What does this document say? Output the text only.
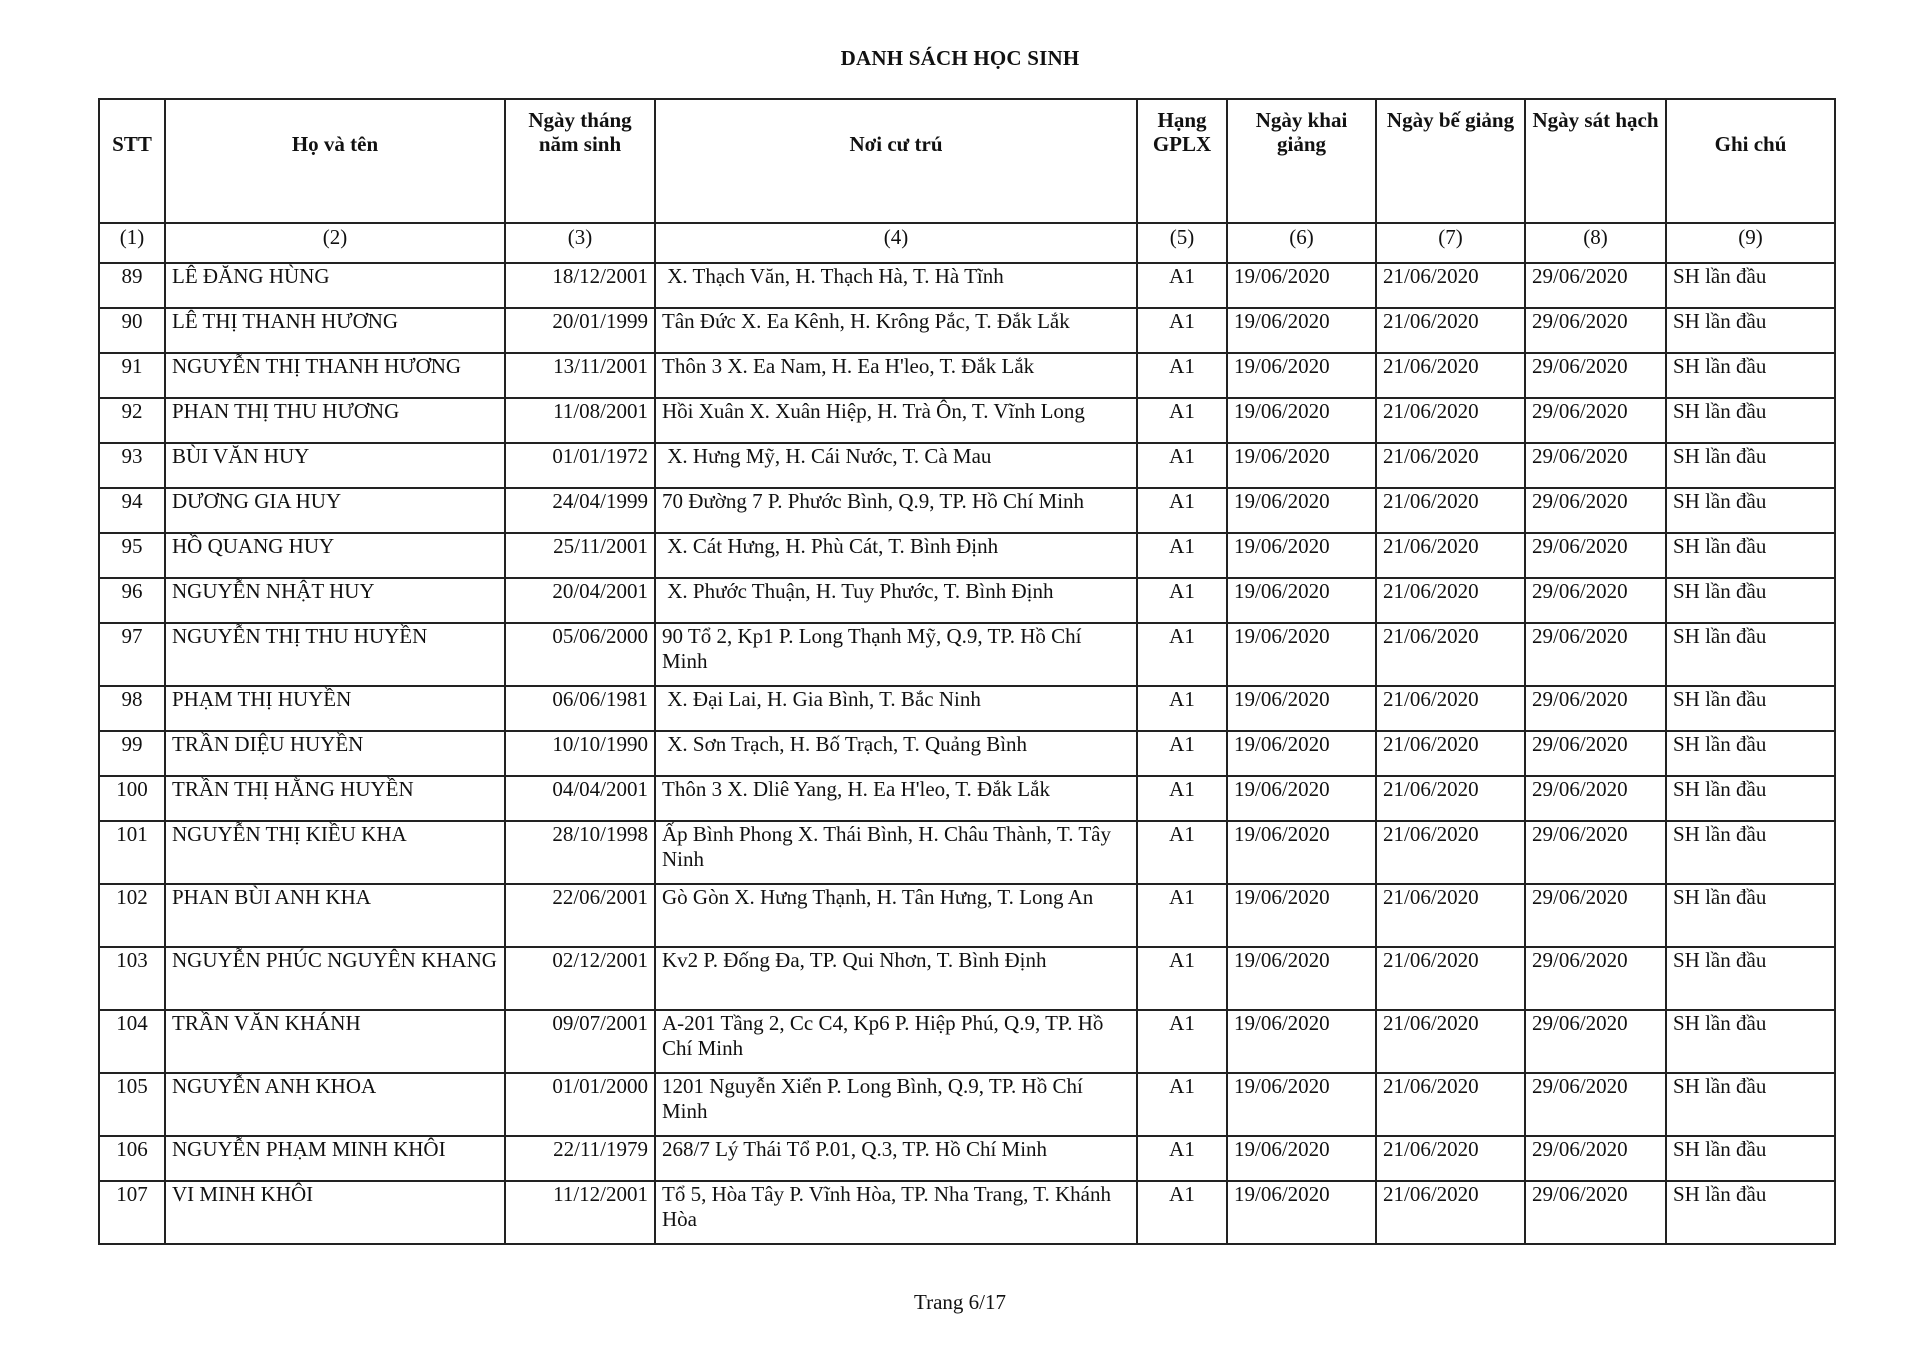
DANH SÁCH HỌC SINH
STT	Họ và tên	Ngày tháng năm sinh	Nơi cư trú	Hạng GPLX	Ngày khai giảng	Ngày bế giảng	Ngày sát hạch	Ghi chú
(1)	(2)	(3)	(4)	(5)	(6)	(7)	(8)	(9)
89	LÊ ĐĂNG HÙNG	18/12/2001	X. Thạch Văn, H. Thạch Hà, T. Hà Tĩnh	A1	19/06/2020	21/06/2020	29/06/2020	SH lần đầu
90	LÊ THỊ THANH HƯƠNG	20/01/1999	Tân Đức X. Ea Kênh, H. Krông Pắc, T. Đắk Lắk	A1	19/06/2020	21/06/2020	29/06/2020	SH lần đầu
91	NGUYỄN THỊ THANH HƯƠNG	13/11/2001	Thôn 3 X. Ea Nam, H. Ea H'leo, T. Đắk Lắk	A1	19/06/2020	21/06/2020	29/06/2020	SH lần đầu
92	PHAN THỊ THU HƯƠNG	11/08/2001	Hồi Xuân X. Xuân Hiệp, H. Trà Ôn, T. Vĩnh Long	A1	19/06/2020	21/06/2020	29/06/2020	SH lần đầu
93	BÙI VĂN HUY	01/01/1972	X. Hưng Mỹ, H. Cái Nước, T. Cà Mau	A1	19/06/2020	21/06/2020	29/06/2020	SH lần đầu
94	DƯƠNG GIA HUY	24/04/1999	70 Đường 7 P. Phước Bình, Q.9, TP. Hồ Chí Minh	A1	19/06/2020	21/06/2020	29/06/2020	SH lần đầu
95	HỒ QUANG HUY	25/11/2001	X. Cát Hưng, H. Phù Cát, T. Bình Định	A1	19/06/2020	21/06/2020	29/06/2020	SH lần đầu
96	NGUYỄN NHẬT HUY	20/04/2001	X. Phước Thuận, H. Tuy Phước, T. Bình Định	A1	19/06/2020	21/06/2020	29/06/2020	SH lần đầu
97	NGUYỄN THỊ THU HUYỀN	05/06/2000	90 Tổ 2, Kp1 P. Long Thạnh Mỹ, Q.9, TP. Hồ Chí Minh	A1	19/06/2020	21/06/2020	29/06/2020	SH lần đầu
98	PHẠM THỊ HUYỀN	06/06/1981	X. Đại Lai, H. Gia Bình, T. Bắc Ninh	A1	19/06/2020	21/06/2020	29/06/2020	SH lần đầu
99	TRẦN DIỆU HUYỀN	10/10/1990	X. Sơn Trạch, H. Bố Trạch, T. Quảng Bình	A1	19/06/2020	21/06/2020	29/06/2020	SH lần đầu
100	TRẦN THỊ HẰNG HUYỀN	04/04/2001	Thôn 3 X. Dliê Yang, H. Ea H'leo, T. Đắk Lắk	A1	19/06/2020	21/06/2020	29/06/2020	SH lần đầu
101	NGUYỄN THỊ KIỀU KHA	28/10/1998	Ấp Bình Phong X. Thái Bình, H. Châu Thành, T. Tây Ninh	A1	19/06/2020	21/06/2020	29/06/2020	SH lần đầu
102	PHAN BÙI ANH KHA	22/06/2001	Gò Gòn X. Hưng Thạnh, H. Tân Hưng, T. Long An	A1	19/06/2020	21/06/2020	29/06/2020	SH lần đầu
103	NGUYỄN PHÚC NGUYÊN KHANG	02/12/2001	Kv2 P. Đống Đa, TP. Qui Nhơn, T. Bình Định	A1	19/06/2020	21/06/2020	29/06/2020	SH lần đầu
104	TRẦN VĂN KHÁNH	09/07/2001	A-201 Tầng 2, Cc C4, Kp6 P. Hiệp Phú, Q.9, TP. Hồ Chí Minh	A1	19/06/2020	21/06/2020	29/06/2020	SH lần đầu
105	NGUYỄN ANH KHOA	01/01/2000	1201 Nguyễn Xiển P. Long Bình, Q.9, TP. Hồ Chí Minh	A1	19/06/2020	21/06/2020	29/06/2020	SH lần đầu
106	NGUYỄN PHẠM MINH KHÔI	22/11/1979	268/7 Lý Thái Tổ P.01, Q.3, TP. Hồ Chí Minh	A1	19/06/2020	21/06/2020	29/06/2020	SH lần đầu
107	VI MINH KHÔI	11/12/2001	Tổ 5, Hòa Tây P. Vĩnh Hòa, TP. Nha Trang, T. Khánh Hòa	A1	19/06/2020	21/06/2020	29/06/2020	SH lần đầu
Trang 6/17
